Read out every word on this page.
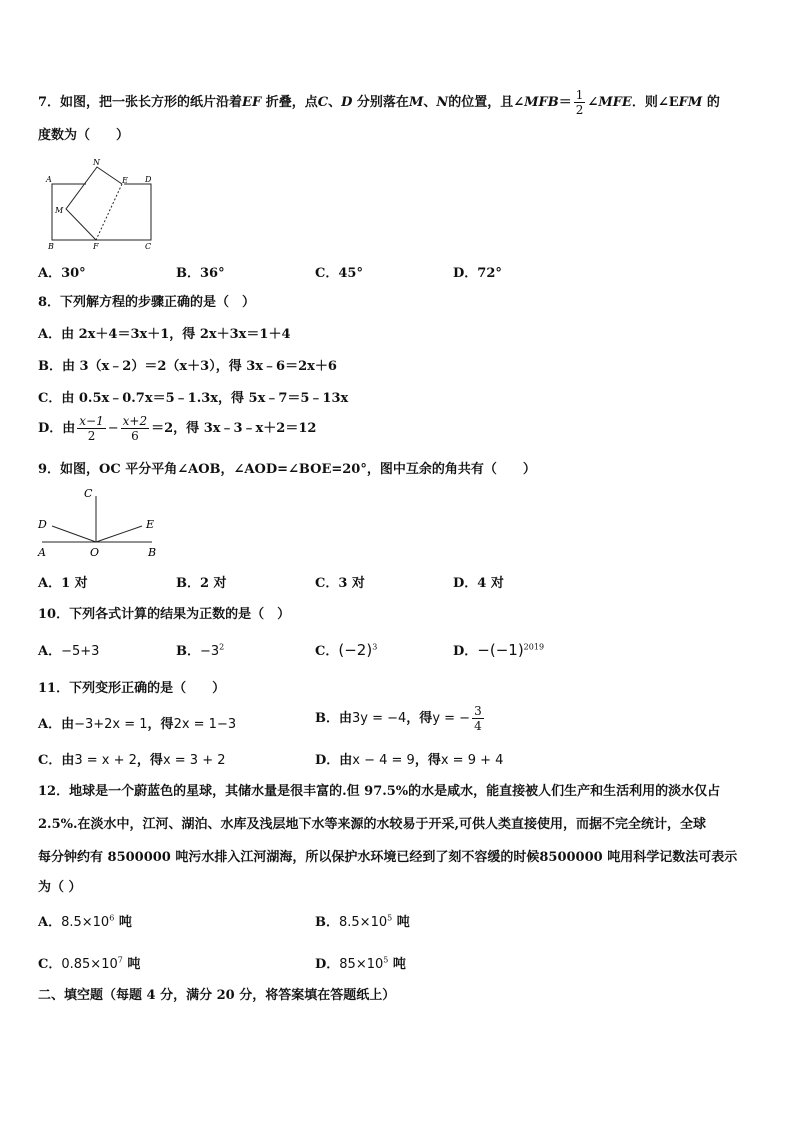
7．如图，把一张长方形的纸片沿着EF 折叠，点C、D 分别落在M、N的位置，且∠MFB＝ $\frac{1}{2}$ ∠MFE．则∠EFM 的
度数为（　　）
A
N
E D
M
B	F	C
A．30°	B．36°	C．45°	D．72°
8．下列解方程的步骤正确的是（　）
A．由 2x＋4＝3x＋1，得 2x＋3x＝1＋4
B．由 3（x﹣2）＝2（x＋3），得 3x﹣6＝2x＋6
C．由 0.5x﹣0.7x＝5﹣1.3x，得 5x﹣7＝5﹣13x
D．由 $\frac{x-1}{2} - \frac{x+2}{6} =2$，得 3x﹣3﹣x＋2＝12
9．如图，OC 平分平角∠AOB，∠AOD=∠BOE=20°，图中互余的角共有（　　）
C
D	E
A	O	B
A．1 对	B．2 对	C．3 对	D．4 对
10．下列各式计算的结果为正数的是（　）
A．−5+3	B．$-3^2$	C．$(-2)^3$	D．$-(-1)^{2019}$
11．下列变形正确的是（　　）
A．由−3+2x = 1，得2x = 1−3	B．由3y = −4，得y = − $\frac{3}{4}$
C．由3 = x + 2，得x = 3 + 2	D．由x − 4 = 9，得x = 9 + 4
12．地球是一个蔚蓝色的星球，其储水量是很丰富的.但 97.5%的水是咸水，能直接被人们生产和生活利用的淡水仅占
2.5%.在淡水中，江河、湖泊、水库及浅层地下水等来源的水较易于开采,可供人类直接使用，而据不完全统计，全球
每分钟约有 8500000 吨污水排入江河湖海，所以保护水环境已经到了刻不容缓的时候8500000 吨用科学记数法可表示
为（ ）
A．$8.5\times 10^6$ 吨	B．$8.5\times 10^5$ 吨
C．$0.85\times 10^7$ 吨	D．$85\times 10^5$ 吨
二、填空题（每题 4 分，满分 20 分，将答案填在答题纸上）
